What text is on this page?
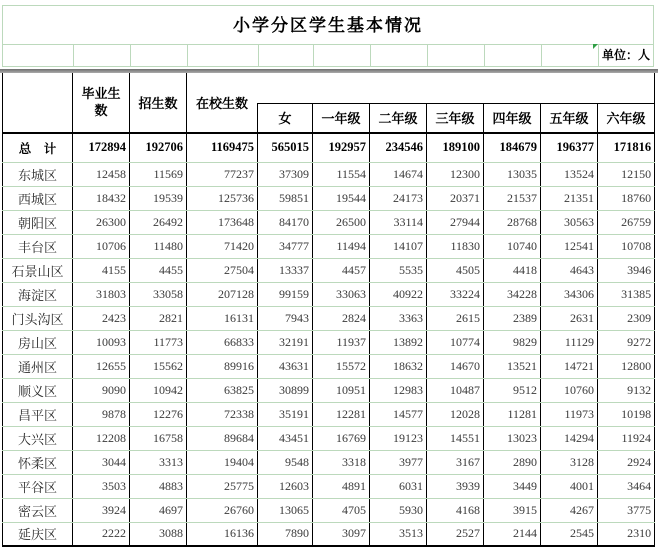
小学分区学生基本情况
单位：人
	毕业生数	招生数	在校生数							
				女	一年级	二年级	三年级	四年级	五年级	六年级
总　计	172894	192706	1169475	565015	192957	234546	189100	184679	196377	171816
东城区	12458	11569	77237	37309	11554	14674	12300	13035	13524	12150
西城区	18432	19539	125736	59851	19544	24173	20371	21537	21351	18760
朝阳区	26300	26492	173648	84170	26500	33114	27944	28768	30563	26759
丰台区	10706	11480	71420	34777	11494	14107	11830	10740	12541	10708
石景山区	4155	4455	27504	13337	4457	5535	4505	4418	4643	3946
海淀区	31803	33058	207128	99159	33063	40922	33224	34228	34306	31385
门头沟区	2423	2821	16131	7943	2824	3363	2615	2389	2631	2309
房山区	10093	11773	66833	32191	11937	13892	10774	9829	11129	9272
通州区	12655	15562	89916	43631	15572	18632	14670	13521	14721	12800
顺义区	9090	10942	63825	30899	10951	12983	10487	9512	10760	9132
昌平区	9878	12276	72338	35191	12281	14577	12028	11281	11973	10198
大兴区	12208	16758	89684	43451	16769	19123	14551	13023	14294	11924
怀柔区	3044	3313	19404	9548	3318	3977	3167	2890	3128	2924
平谷区	3503	4883	25775	12603	4891	6031	3939	3449	4001	3464
密云区	3924	4697	26760	13065	4705	5930	4168	3915	4267	3775
延庆区	2222	3088	16136	7890	3097	3513	2527	2144	2545	2310
